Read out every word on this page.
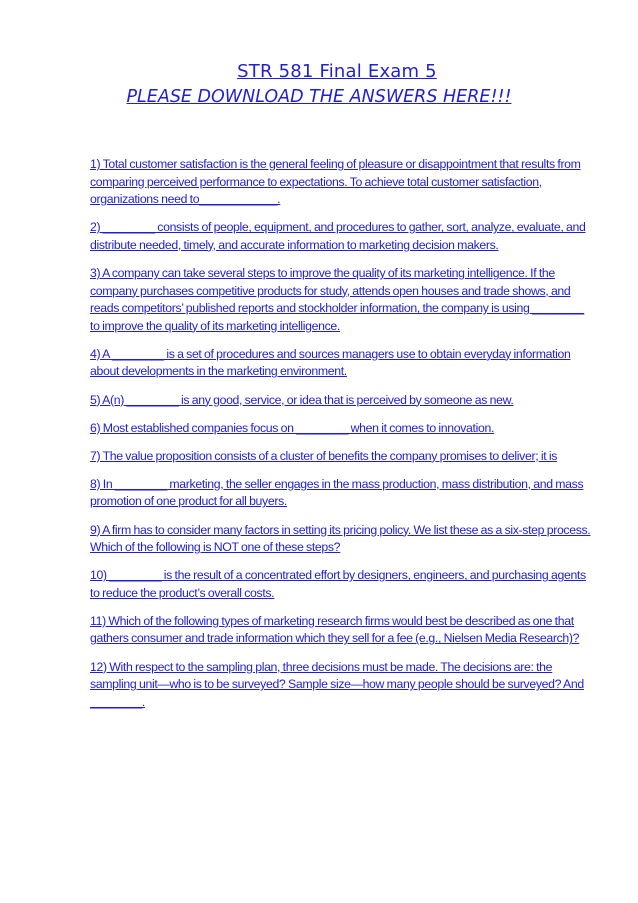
STR 581 Final Exam 5
PLEASE DOWNLOAD THE ANSWERS HERE!!!

1) Total customer satisfaction is the general feeling of pleasure or disappointment that results from comparing perceived performance to expectations. To achieve total customer satisfaction, organizations need to____________.

2) ________ consists of people, equipment, and procedures to gather, sort, analyze, evaluate, and distribute needed, timely, and accurate information to marketing decision makers.

3) A company can take several steps to improve the quality of its marketing intelligence. If the company purchases competitive products for study, attends open houses and trade shows, and reads competitors’ published reports and stockholder information, the company is using ________ to improve the quality of its marketing intelligence.

4) A ________ is a set of procedures and sources managers use to obtain everyday information about developments in the marketing environment.

5) A(n) ________ is any good, service, or idea that is perceived by someone as new.

6) Most established companies focus on ________ when it comes to innovation.

7) The value proposition consists of a cluster of benefits the company promises to deliver; it is

8) In ________ marketing, the seller engages in the mass production, mass distribution, and mass promotion of one product for all buyers.

9) A firm has to consider many factors in setting its pricing policy. We list these as a six-step process. Which of the following is NOT one of these steps?

10) ________ is the result of a concentrated effort by designers, engineers, and purchasing agents to reduce the product’s overall costs.

11) Which of the following types of marketing research firms would best be described as one that gathers consumer and trade information which they sell for a fee (e.g., Nielsen Media Research)?

12) With respect to the sampling plan, three decisions must be made. The decisions are: the sampling unit—who is to be surveyed? Sample size—how many people should be surveyed? And ________.
